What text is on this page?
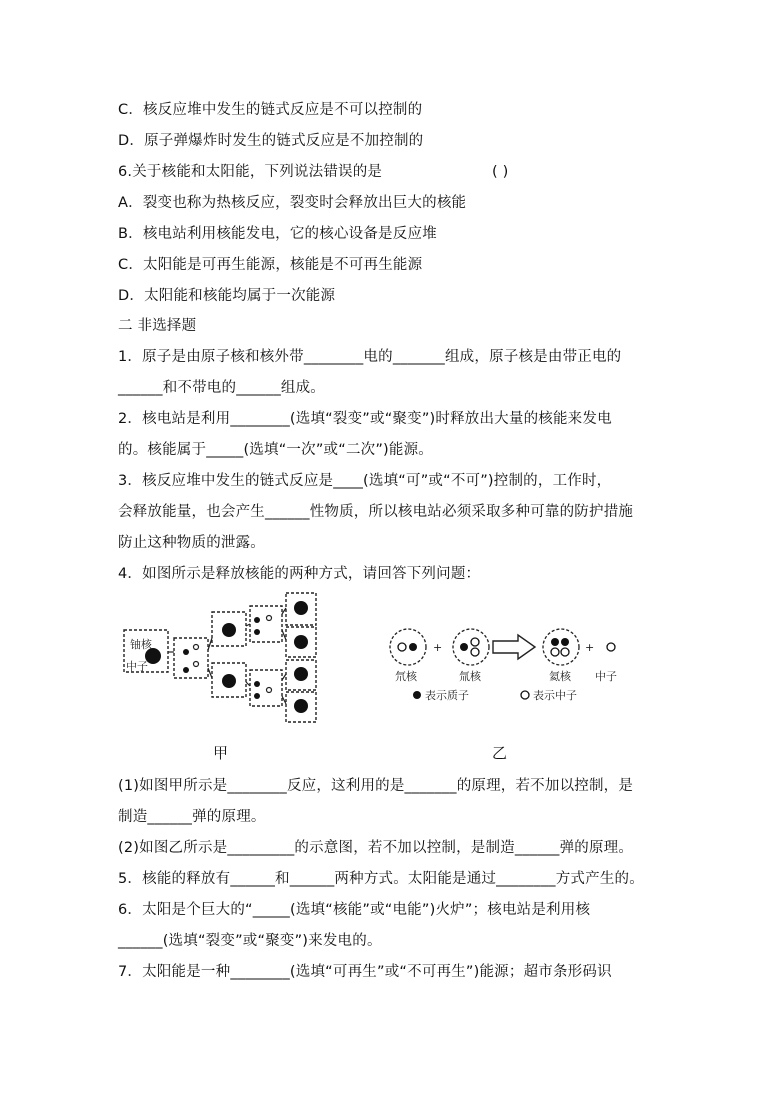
C．核反应堆中发生的链式反应是不可以控制的
D．原子弹爆炸时发生的链式反应是不加控制的
6.关于核能和太阳能，下列说法错误的是	( )
A．裂变也称为热核反应，裂变时会释放出巨大的核能
B．核电站利用核能发电，它的核心设备是反应堆
C．太阳能是可再生能源，核能是不可再生能源
D．太阳能和核能均属于一次能源
二 非选择题
1．原子是由原子核和核外带________电的_______组成，原子核是由带正电的
______和不带电的______组成。
2．核电站是利用________(选填“裂变”或“聚变”)时释放出大量的核能来发电
的。核能属于_____(选填“一次”或“二次”)能源。
3．核反应堆中发生的链式反应是____(选填“可”或“不可”)控制的，工作时，
会释放能量，也会产生______性物质，所以核电站必须采取多种可靠的防护措施
防止这种物质的泄露。
4．如图所示是释放核能的两种方式，请回答下列问题：
铀核
中子
甲
+	+
氘核	氚核	氦核 中子
表示质子	表示中子
乙
(1)如图甲所示是________反应，这利用的是_______的原理，若不加以控制，是
制造______弹的原理。
(2)如图乙所示是_________的示意图，若不加以控制，是制造______弹的原理。
5．核能的释放有______和______两种方式。太阳能是通过________方式产生的。
6．太阳是个巨大的“_____(选填“核能”或“电能”)火炉”；核电站是利用核
______(选填“裂变”或“聚变”)来发电的。
7．太阳能是一种________(选填“可再生”或“不可再生”)能源；超市条形码识
